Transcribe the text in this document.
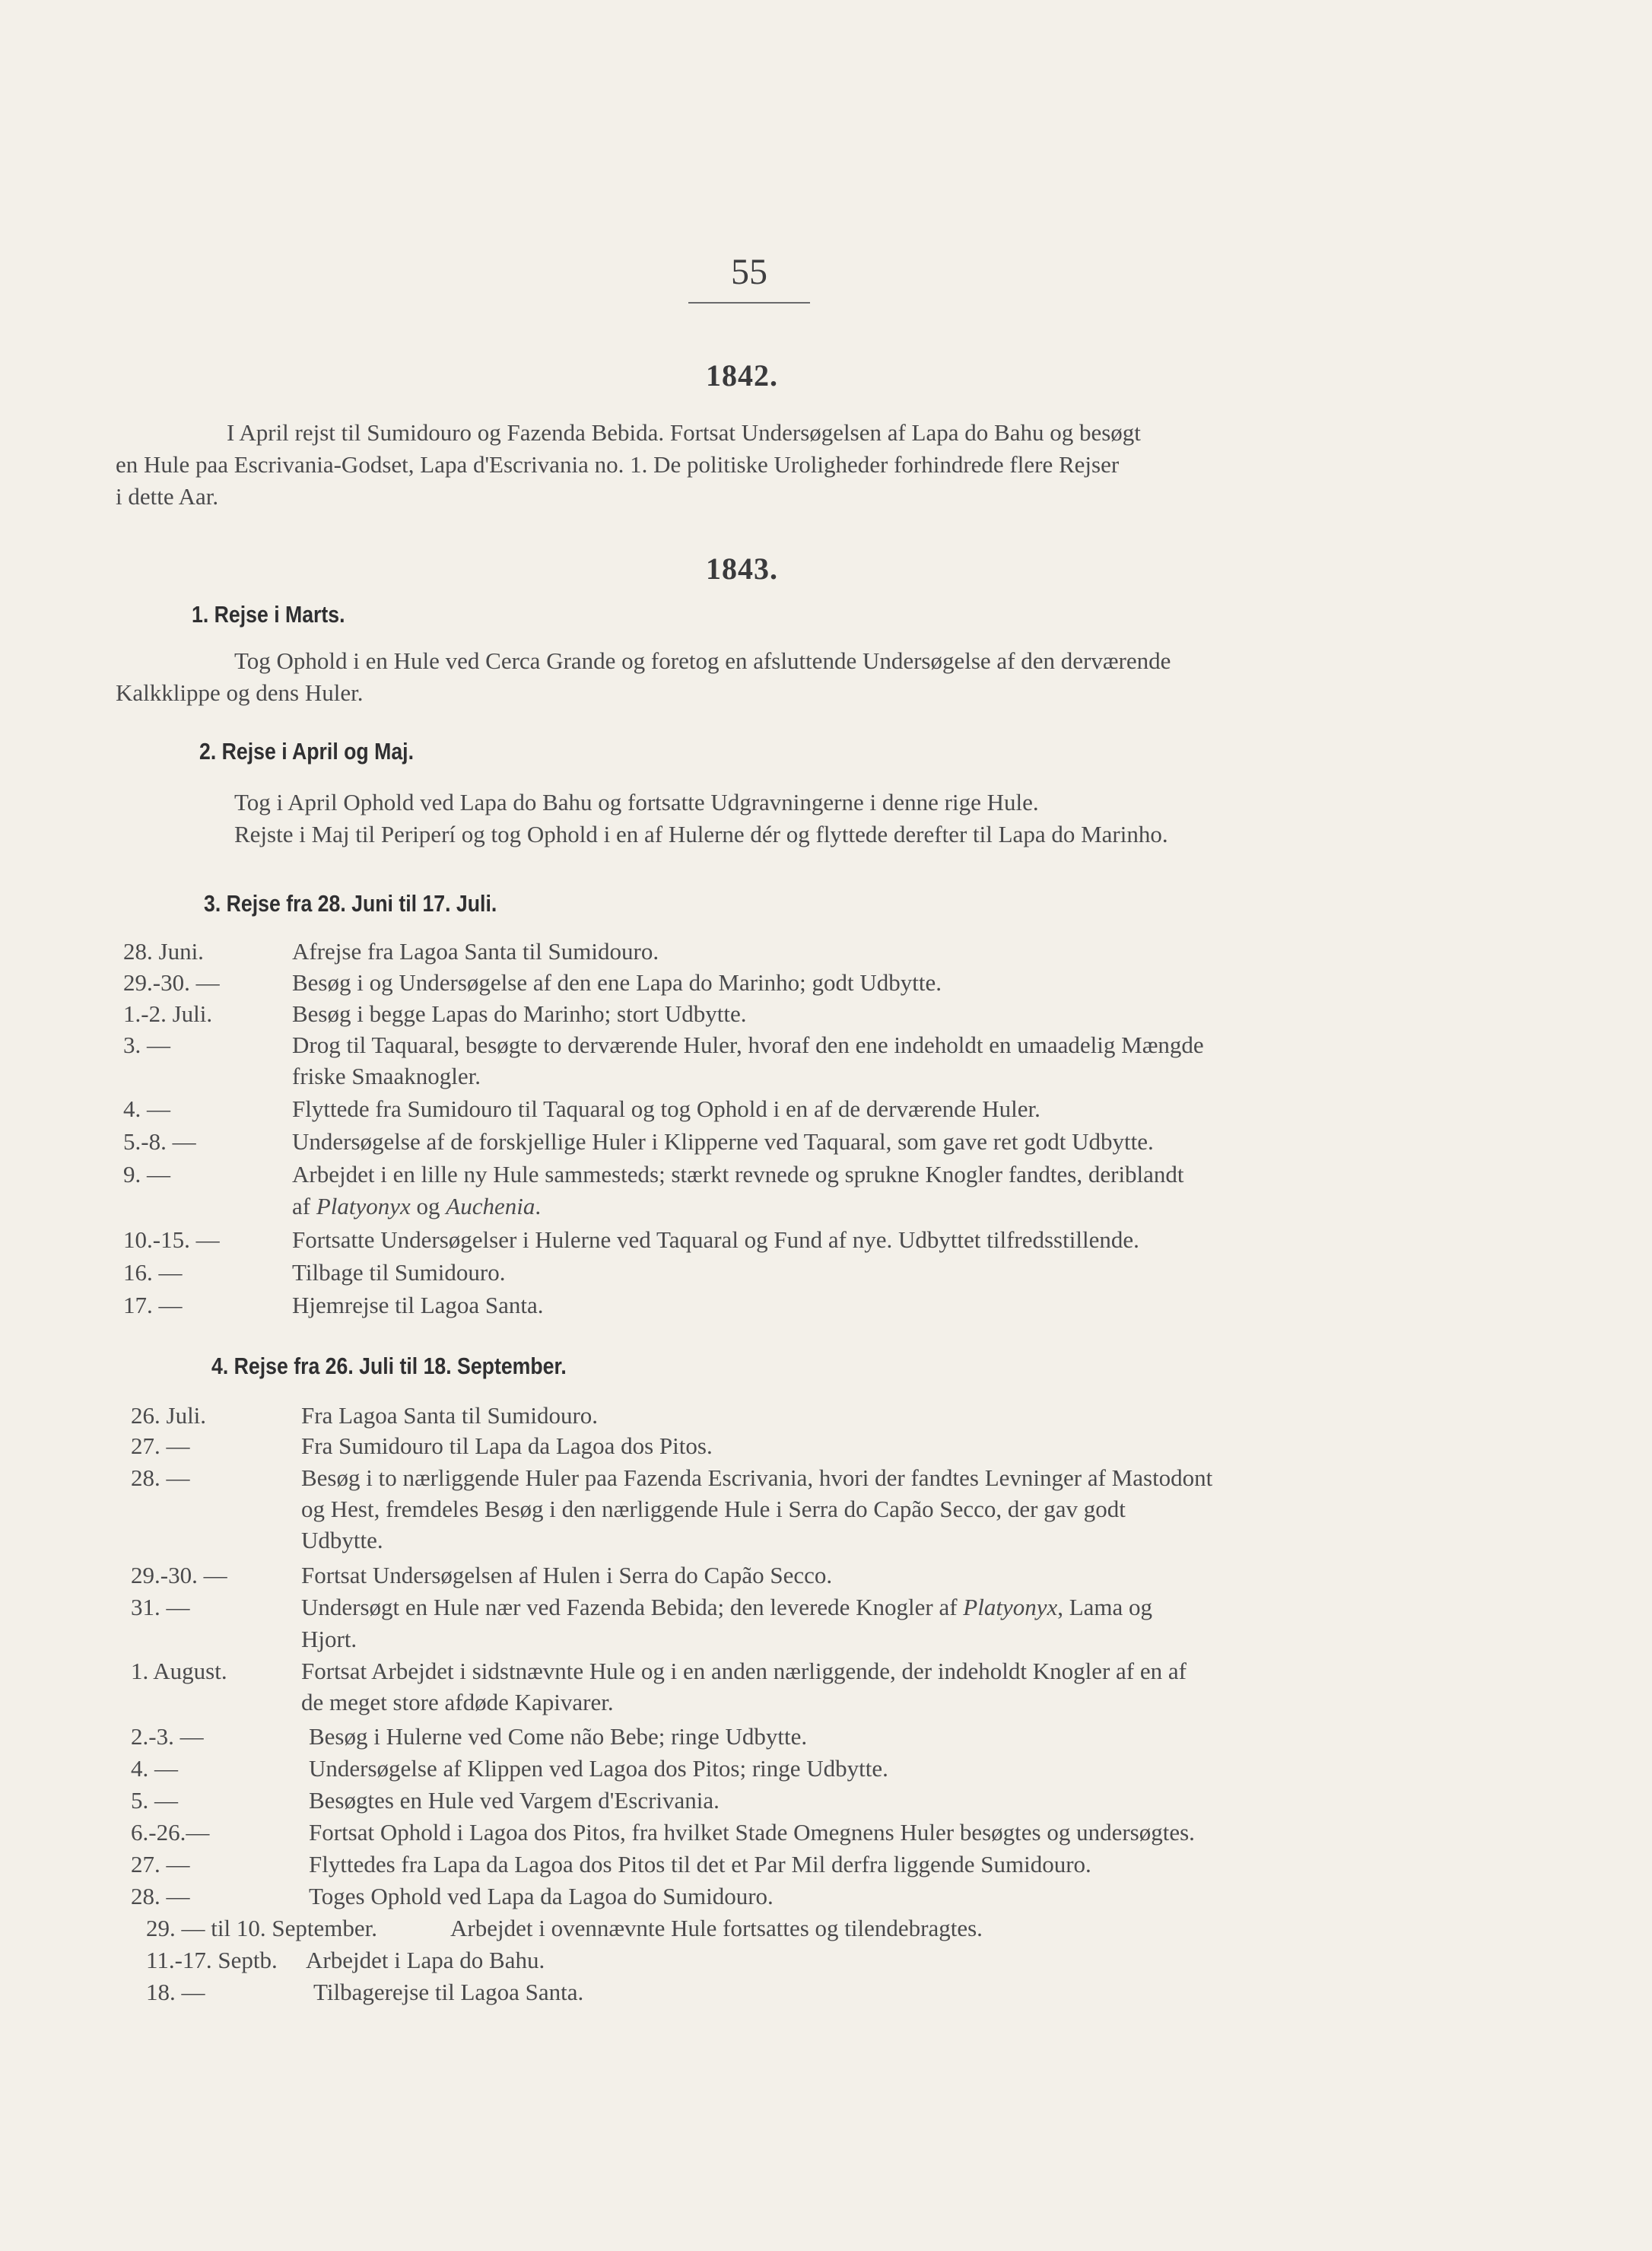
55
1842.
I April rejst til Sumidouro og Fazenda Bebida. Fortsat Undersøgelsen af Lapa do Bahu og besøgt
en Hule paa Escrivania-Godset, Lapa d'Escrivania no. 1. De politiske Uroligheder forhindrede flere Rejser
i dette Aar.
1843.
1. Rejse i Marts.
Tog Ophold i en Hule ved Cerca Grande og foretog en afsluttende Undersøgelse af den derværende
Kalkklippe og dens Huler.
2. Rejse i April og Maj.
Tog i April Ophold ved Lapa do Bahu og fortsatte Udgravningerne i denne rige Hule.
Rejste i Maj til Periperí og tog Ophold i en af Hulerne dér og flyttede derefter til Lapa do Marinho.
3. Rejse fra 28. Juni til 17. Juli.
28. Juni.	Afrejse fra Lagoa Santa til Sumidouro.
29.-30. —	Besøg i og Undersøgelse af den ene Lapa do Marinho; godt Udbytte.
1.-2. Juli.	Besøg i begge Lapas do Marinho; stort Udbytte.
3. —	Drog til Taquaral, besøgte to derværende Huler, hvoraf den ene indeholdt en umaadelig Mængde
friske Smaaknogler.
4. —	Flyttede fra Sumidouro til Taquaral og tog Ophold i en af de derværende Huler.
5.-8. —	Undersøgelse af de forskjellige Huler i Klipperne ved Taquaral, som gave ret godt Udbytte.
9. —	Arbejdet i en lille ny Hule sammesteds; stærkt revnede og sprukne Knogler fandtes, deriblandt
af Platyonyx og Auchenia.
10.-15. —	Fortsatte Undersøgelser i Hulerne ved Taquaral og Fund af nye. Udbyttet tilfredsstillende.
16. —	Tilbage til Sumidouro.
17. —	Hjemrejse til Lagoa Santa.
4. Rejse fra 26. Juli til 18. September.
26. Juli.	Fra Lagoa Santa til Sumidouro.
27. —	Fra Sumidouro til Lapa da Lagoa dos Pitos.
28. —	Besøg i to nærliggende Huler paa Fazenda Escrivania, hvori der fandtes Levninger af Mastodont
og Hest, fremdeles Besøg i den nærliggende Hule i Serra do Capão Secco, der gav godt
Udbytte.
29.-30. —	Fortsat Undersøgelsen af Hulen i Serra do Capão Secco.
31. —	Undersøgt en Hule nær ved Fazenda Bebida; den leverede Knogler af Platyonyx, Lama og
Hjort.
1. August.	Fortsat Arbejdet i sidstnævnte Hule og i en anden nærliggende, der indeholdt Knogler af en af
de meget store afdøde Kapivarer.
2.-3. —	Besøg i Hulerne ved Come não Bebe; ringe Udbytte.
4. —	Undersøgelse af Klippen ved Lagoa dos Pitos; ringe Udbytte.
5. —	Besøgtes en Hule ved Vargem d'Escrivania.
6.-26.—	Fortsat Ophold i Lagoa dos Pitos, fra hvilket Stade Omegnens Huler besøgtes og undersøgtes.
27. —	Flyttedes fra Lapa da Lagoa dos Pitos til det et Par Mil derfra liggende Sumidouro.
28. —	Toges Ophold ved Lapa da Lagoa do Sumidouro.
29. — til 10. September.	Arbejdet i ovennævnte Hule fortsattes og tilendebragtes.
11.-17. Septb. Arbejdet i Lapa do Bahu.
18. —	Tilbagerejse til Lagoa Santa.
